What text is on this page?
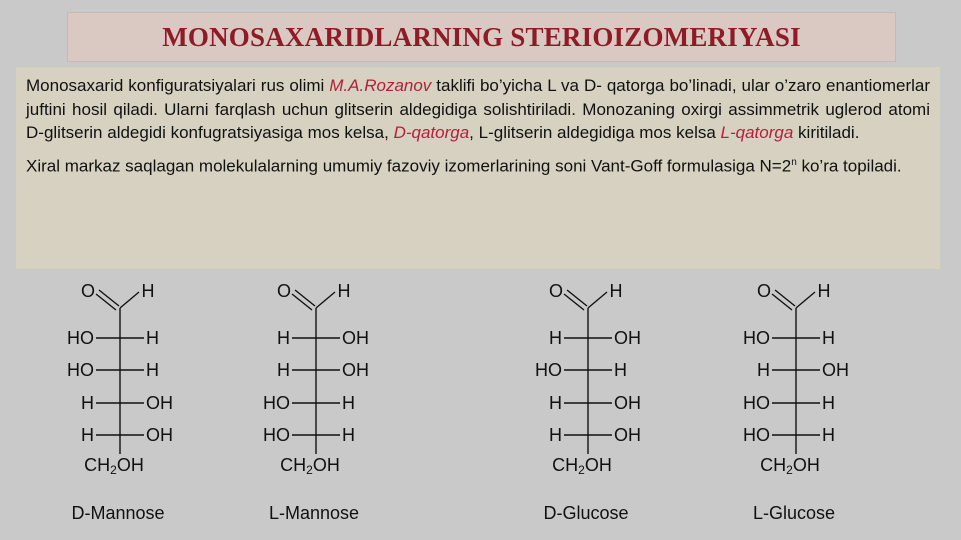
MONOSAXARIDLARNING STERIOIZOMERIYASI

Monosaxarid konfiguratsiyalari rus olimi M.A.Rozanov taklifi bo’yicha L va D- qatorga bo’linadi, ular o’zaro enantiomerlar juftini hosil qiladi. Ularni farqlash uchun glitserin aldegidiga solishtiriladi. Monozaning oxirgi assimmetrik uglerod atomi D-glitserin aldegidi konfugratsiyasiga mos kelsa, D-qatorga, L-glitserin aldegidiga mos kelsa L-qatorga kiritiladi.

Xiral markaz saqlagan molekulalarning umumiy fazoviy izomerlarining soni Vant-Goff formulasiga $N=2^n$ ko’ra topiladi.

O	H
HO	H
HO	H
H	OH
H	OH
$CH_2OH$
D-Mannose
O	H
H	OH
H	OH
HO	H
HO	H
$CH_2OH$
L-Mannose
O	H
H	OH
HO	H
H	OH
H	OH
$CH_2OH$
D-Glucose
O	H
HO	H
H	OH
HO	H
HO	H
$CH_2OH$
L-Glucose
